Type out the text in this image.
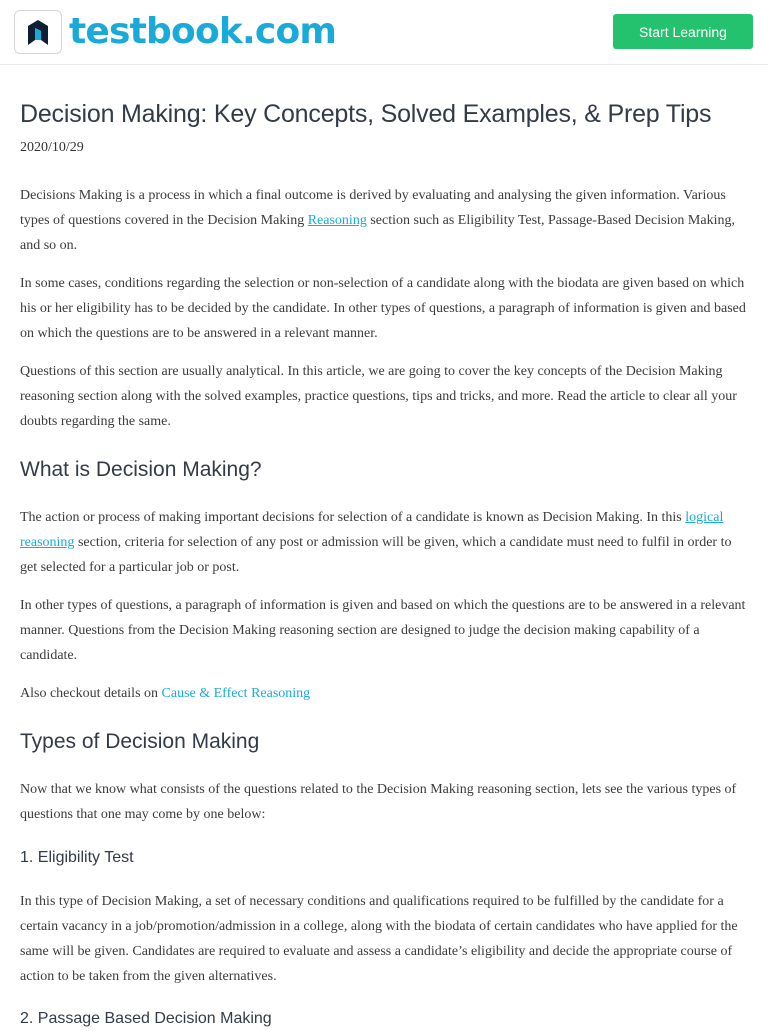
testbook.com	Start Learning
Decision Making: Key Concepts, Solved Examples, & Prep Tips
2020/10/29

Decisions Making is a process in which a final outcome is derived by evaluating and analysing the given information. Various types of questions covered in the Decision Making Reasoning section such as Eligibility Test, Passage-Based Decision Making, and so on.

In some cases, conditions regarding the selection or non-selection of a candidate along with the biodata are given based on which his or her eligibility has to be decided by the candidate. In other types of questions, a paragraph of information is given and based on which the questions are to be answered in a relevant manner.

Questions of this section are usually analytical. In this article, we are going to cover the key concepts of the Decision Making reasoning section along with the solved examples, practice questions, tips and tricks, and more. Read the article to clear all your doubts regarding the same.

What is Decision Making?

The action or process of making important decisions for selection of a candidate is known as Decision Making. In this logical reasoning section, criteria for selection of any post or admission will be given, which a candidate must need to fulfil in order to get selected for a particular job or post.

In other types of questions, a paragraph of information is given and based on which the questions are to be answered in a relevant manner. Questions from the Decision Making reasoning section are designed to judge the decision making capability of a candidate.

Also checkout details on Cause & Effect Reasoning

Types of Decision Making

Now that we know what consists of the questions related to the Decision Making reasoning section, lets see the various types of questions that one may come by one below:

1. Eligibility Test

In this type of Decision Making, a set of necessary conditions and qualifications required to be fulfilled by the candidate for a certain vacancy in a job/promotion/admission in a college, along with the biodata of certain candidates who have applied for the same will be given. Candidates are required to evaluate and assess a candidate’s eligibility and decide the appropriate course of action to be taken from the given alternatives.

2. Passage Based Decision Making
